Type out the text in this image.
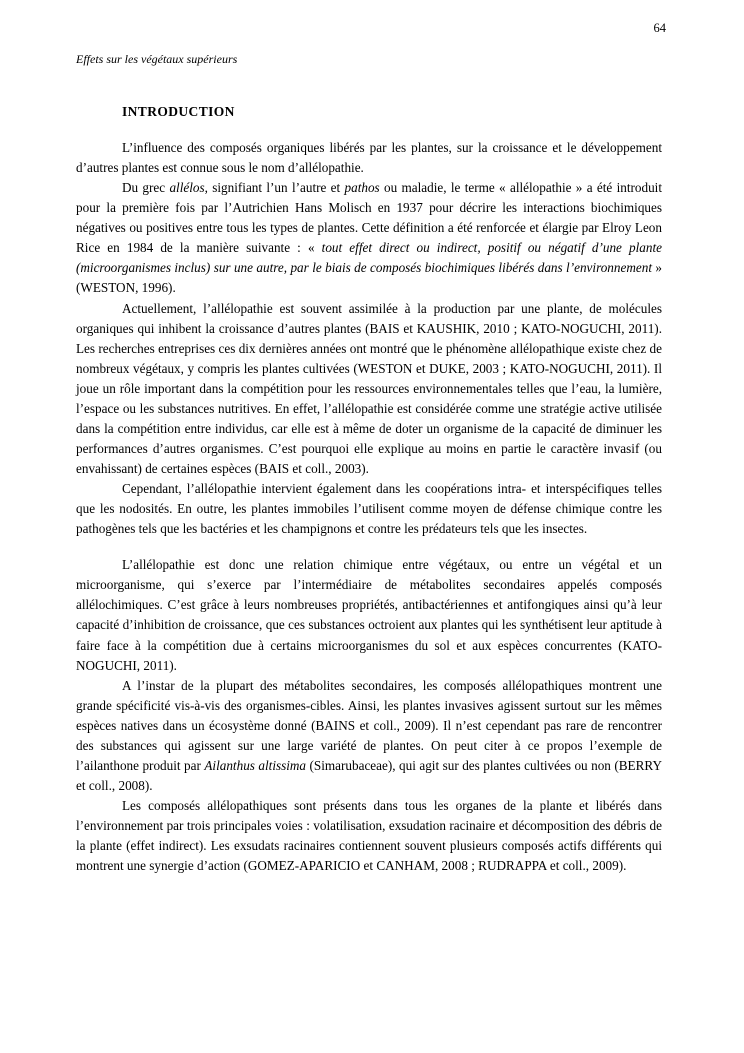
64
Effets sur les végétaux supérieurs
INTRODUCTION

L’influence des composés organiques libérés par les plantes, sur la croissance et le développement d’autres plantes est connue sous le nom d’allélopathie.

Du grec allélos, signifiant l’un l’autre et pathos ou maladie, le terme « allélopathie » a été introduit pour la première fois par l’Autrichien Hans Molisch en 1937 pour décrire les interactions biochimiques négatives ou positives entre tous les types de plantes. Cette définition a été renforcée et élargie par Elroy Leon Rice en 1984 de la manière suivante : « tout effet direct ou indirect, positif ou négatif d’une plante (microorganismes inclus) sur une autre, par le biais de composés biochimiques libérés dans l’environnement » (WESTON, 1996).

Actuellement, l’allélopathie est souvent assimilée à la production par une plante, de molécules organiques qui inhibent la croissance d’autres plantes (BAIS et KAUSHIK, 2010 ; KATO-NOGUCHI, 2011). Les recherches entreprises ces dix dernières années ont montré que le phénomène allélopathique existe chez de nombreux végétaux, y compris les plantes cultivées (WESTON et DUKE, 2003 ; KATO-NOGUCHI, 2011). Il joue un rôle important dans la compétition pour les ressources environnementales telles que l’eau, la lumière, l’espace ou les substances nutritives. En effet, l’allélopathie est considérée comme une stratégie active utilisée dans la compétition entre individus, car elle est à même de doter un organisme de la capacité de diminuer les performances d’autres organismes. C’est pourquoi elle explique au moins en partie le caractère invasif (ou envahissant) de certaines espèces (BAIS et coll., 2003).

Cependant, l’allélopathie intervient également dans les coopérations intra- et interspécifiques telles que les nodosités. En outre, les plantes immobiles l’utilisent comme moyen de défense chimique contre les pathogènes tels que les bactéries et les champignons et contre les prédateurs tels que les insectes.

L’allélopathie est donc une relation chimique entre végétaux, ou entre un végétal et un microorganisme, qui s’exerce par l’intermédiaire de métabolites secondaires appelés composés allélochimiques. C’est grâce à leurs nombreuses propriétés, antibactériennes et antifongiques ainsi qu’à leur capacité d’inhibition de croissance, que ces substances octroient aux plantes qui les synthétisent leur aptitude à faire face à la compétition due à certains microorganismes du sol et aux espèces concurrentes (KATO-NOGUCHI, 2011).

A l’instar de la plupart des métabolites secondaires, les composés allélopathiques montrent une grande spécificité vis-à-vis des organismes-cibles. Ainsi, les plantes invasives agissent surtout sur les mêmes espèces natives dans un écosystème donné (BAINS et coll., 2009). Il n’est cependant pas rare de rencontrer des substances qui agissent sur une large variété de plantes. On peut citer à ce propos l’exemple de l’ailanthone produit par Ailanthus altissima (Simarubaceae), qui agit sur des plantes cultivées ou non (BERRY et coll., 2008).

Les composés allélopathiques sont présents dans tous les organes de la plante et libérés dans l’environnement par trois principales voies : volatilisation, exsudation racinaire et décomposition des débris de la plante (effet indirect). Les exsudats racinaires contiennent souvent plusieurs composés actifs différents qui montrent une synergie d’action (GOMEZ-APARICIO et CANHAM, 2008 ; RUDRAPPA et coll., 2009).
